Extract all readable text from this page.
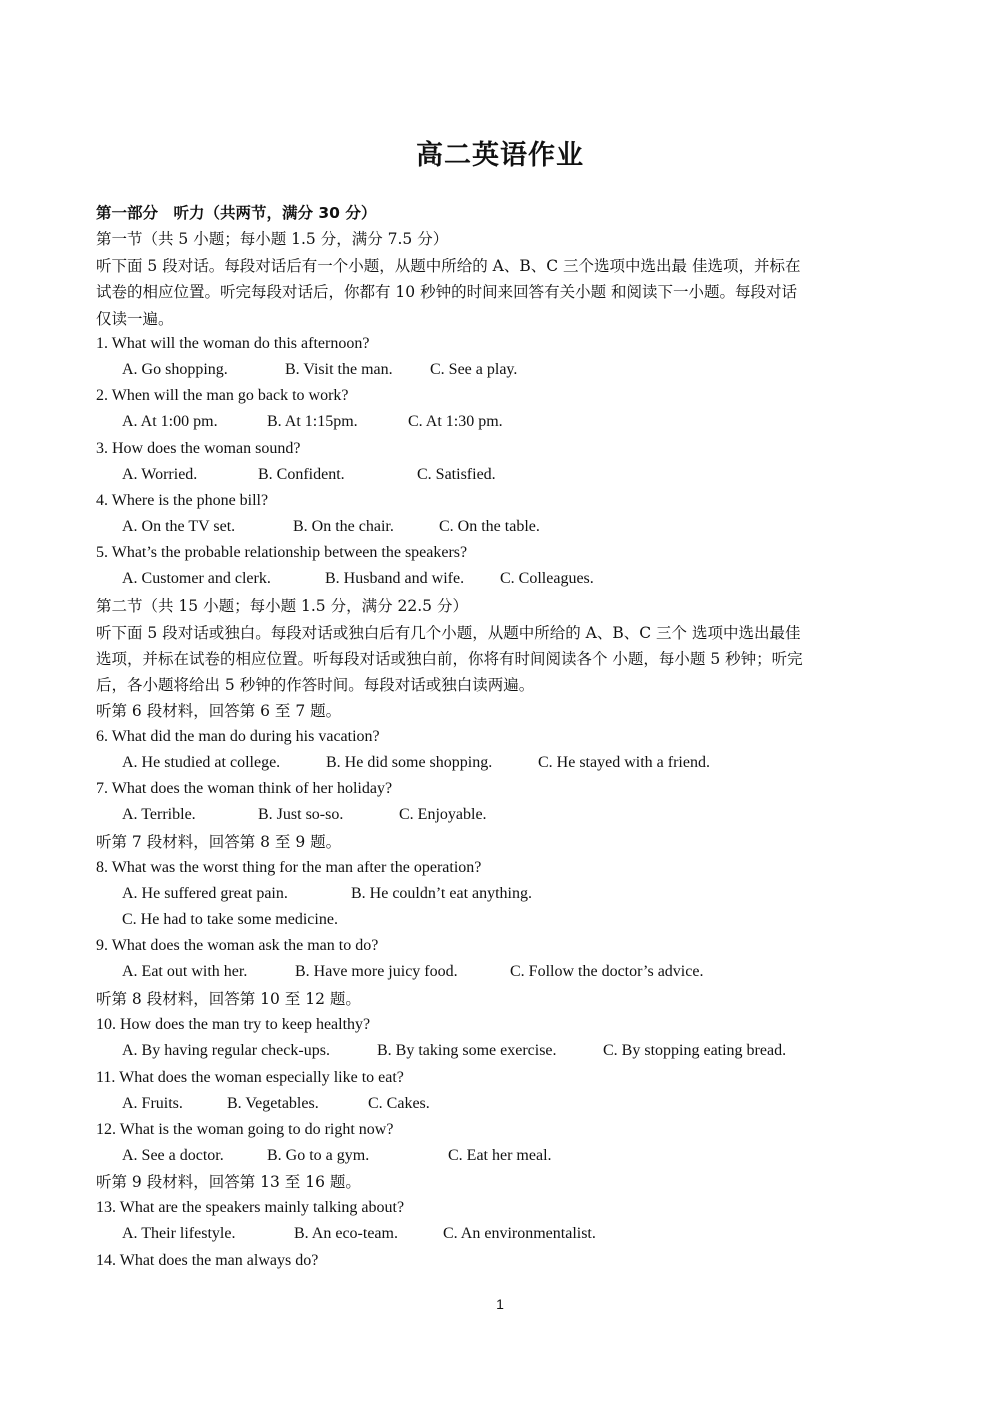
高二英语作业
第一部分　听力（共两节，满分 30 分）
第一节（共 5 小题；每小题 1.5 分，满分 7.5 分）
听下面 5 段对话。每段对话后有一个小题，从题中所给的 A、B、C 三个选项中选出最 佳选项，并标在
试卷的相应位置。听完每段对话后，你都有 10 秒钟的时间来回答有关小题 和阅读下一小题。每段对话
仅读一遍。
1. What will the woman do this afternoon?
A. Go shopping.	B. Visit the man. C. See a play.
2. When will the man go back to work?
A. At 1:00 pm.	B. At 1:15pm.	C. At 1:30 pm.
3. How does the woman sound?
A. Worried.	B. Confident.	C. Satisfied.
4. Where is the phone bill?
A. On the TV set.	B. On the chair.	C. On the table.
5. What’s the probable relationship between the speakers?
A. Customer and clerk.	B. Husband and wife. C. Colleagues.
第二节（共 15 小题；每小题 1.5 分，满分 22.5 分）
听下面 5 段对话或独白。每段对话或独白后有几个小题，从题中所给的 A、B、C 三个 选项中选出最佳
选项，并标在试卷的相应位置。听每段对话或独白前，你将有时间阅读各个 小题，每小题 5 秒钟；听完
后，各小题将给出 5 秒钟的作答时间。每段对话或独白读两遍。
听第 6 段材料，回答第 6 至 7 题。
6. What did the man do during his vacation?
A. He studied at college.	B. He did some shopping.	C. He stayed with a friend.
7. What does the woman think of her holiday?
A. Terrible.	B. Just so-so.	C. Enjoyable.
听第 7 段材料，回答第 8 至 9 题。
8. What was the worst thing for the man after the operation?
A. He suffered great pain.	B. He couldn’t eat anything.
C. He had to take some medicine.
9. What does the woman ask the man to do?
A. Eat out with her.	B. Have more juicy food.	C. Follow the doctor’s advice.
听第 8 段材料，回答第 10 至 12 题。
10. How does the man try to keep healthy?
A. By having regular check-ups.	B. By taking some exercise.	C. By stopping eating bread.
11. What does the woman especially like to eat?
A. Fruits.	B. Vegetables.	C. Cakes.
12. What is the woman going to do right now?
A. See a doctor.	B. Go to a gym.	C. Eat her meal.
听第 9 段材料，回答第 13 至 16 题。
13. What are the speakers mainly talking about?
A. Their lifestyle.	B. An eco-team.	C. An environmentalist.
14. What does the man always do?
1
